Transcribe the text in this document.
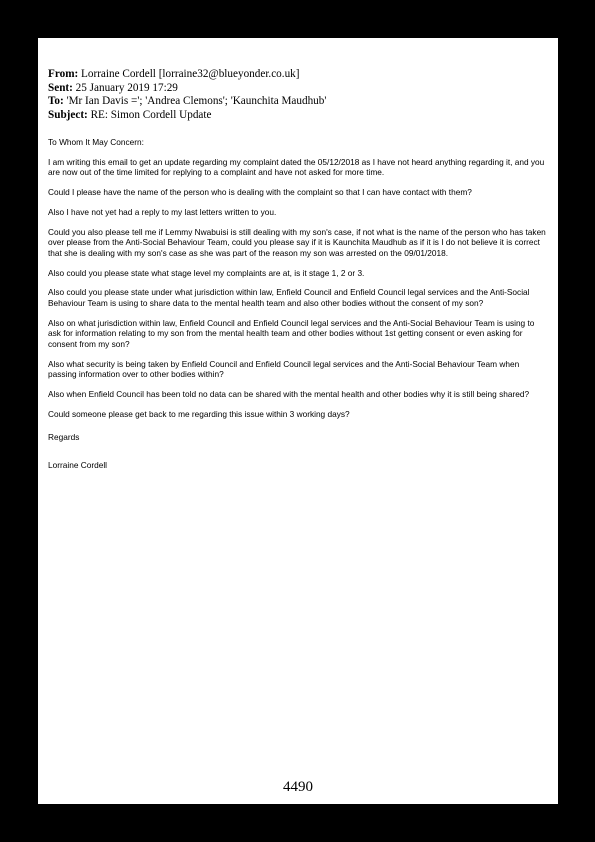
From: Lorraine Cordell [lorraine32@blueyonder.co.uk]
Sent: 25 January 2019 17:29
To: 'Mr Ian Davis ='; 'Andrea Clemons'; 'Kaunchita Maudhub'
Subject: RE: Simon Cordell Update

To Whom It May Concern:

I am writing this email to get an update regarding my complaint dated the 05/12/2018 as I have not heard anything regarding it, and you are now out of the time limited for replying to a complaint and have not asked for more time.

Could I please have the name of the person who is dealing with the complaint so that I can have contact with them?

Also I have not yet had a reply to my last letters written to you.

Could you also please tell me if Lemmy Nwabuisi is still dealing with my son's case, if not what is the name of the person who has taken over please from the Anti-Social Behaviour Team, could you please say if it is Kaunchita Maudhub as if it is I do not believe it is correct that she is dealing with my son's case as she was part of the reason my son was arrested on the 09/01/2018.

Also could you please state what stage level my complaints are at, is it stage 1, 2 or 3.

Also could you please state under what jurisdiction within law, Enfield Council and Enfield Council legal services and the Anti-Social Behaviour Team is using to share data to the mental health team and also other bodies without the consent of my son?

Also on what jurisdiction within law, Enfield Council and Enfield Council legal services and the Anti-Social Behaviour Team is using to ask for information relating to my son from the mental health team and other bodies without 1st getting consent or even asking for consent from my son?

Also what security is being taken by Enfield Council and Enfield Council legal services and the Anti-Social Behaviour Team when passing information over to other bodies within?

Also when Enfield Council has been told no data can be shared with the mental health and other bodies why it is still being shared?

Could someone please get back to me regarding this issue within 3 working days?

Regards

Lorraine Cordell

4490
